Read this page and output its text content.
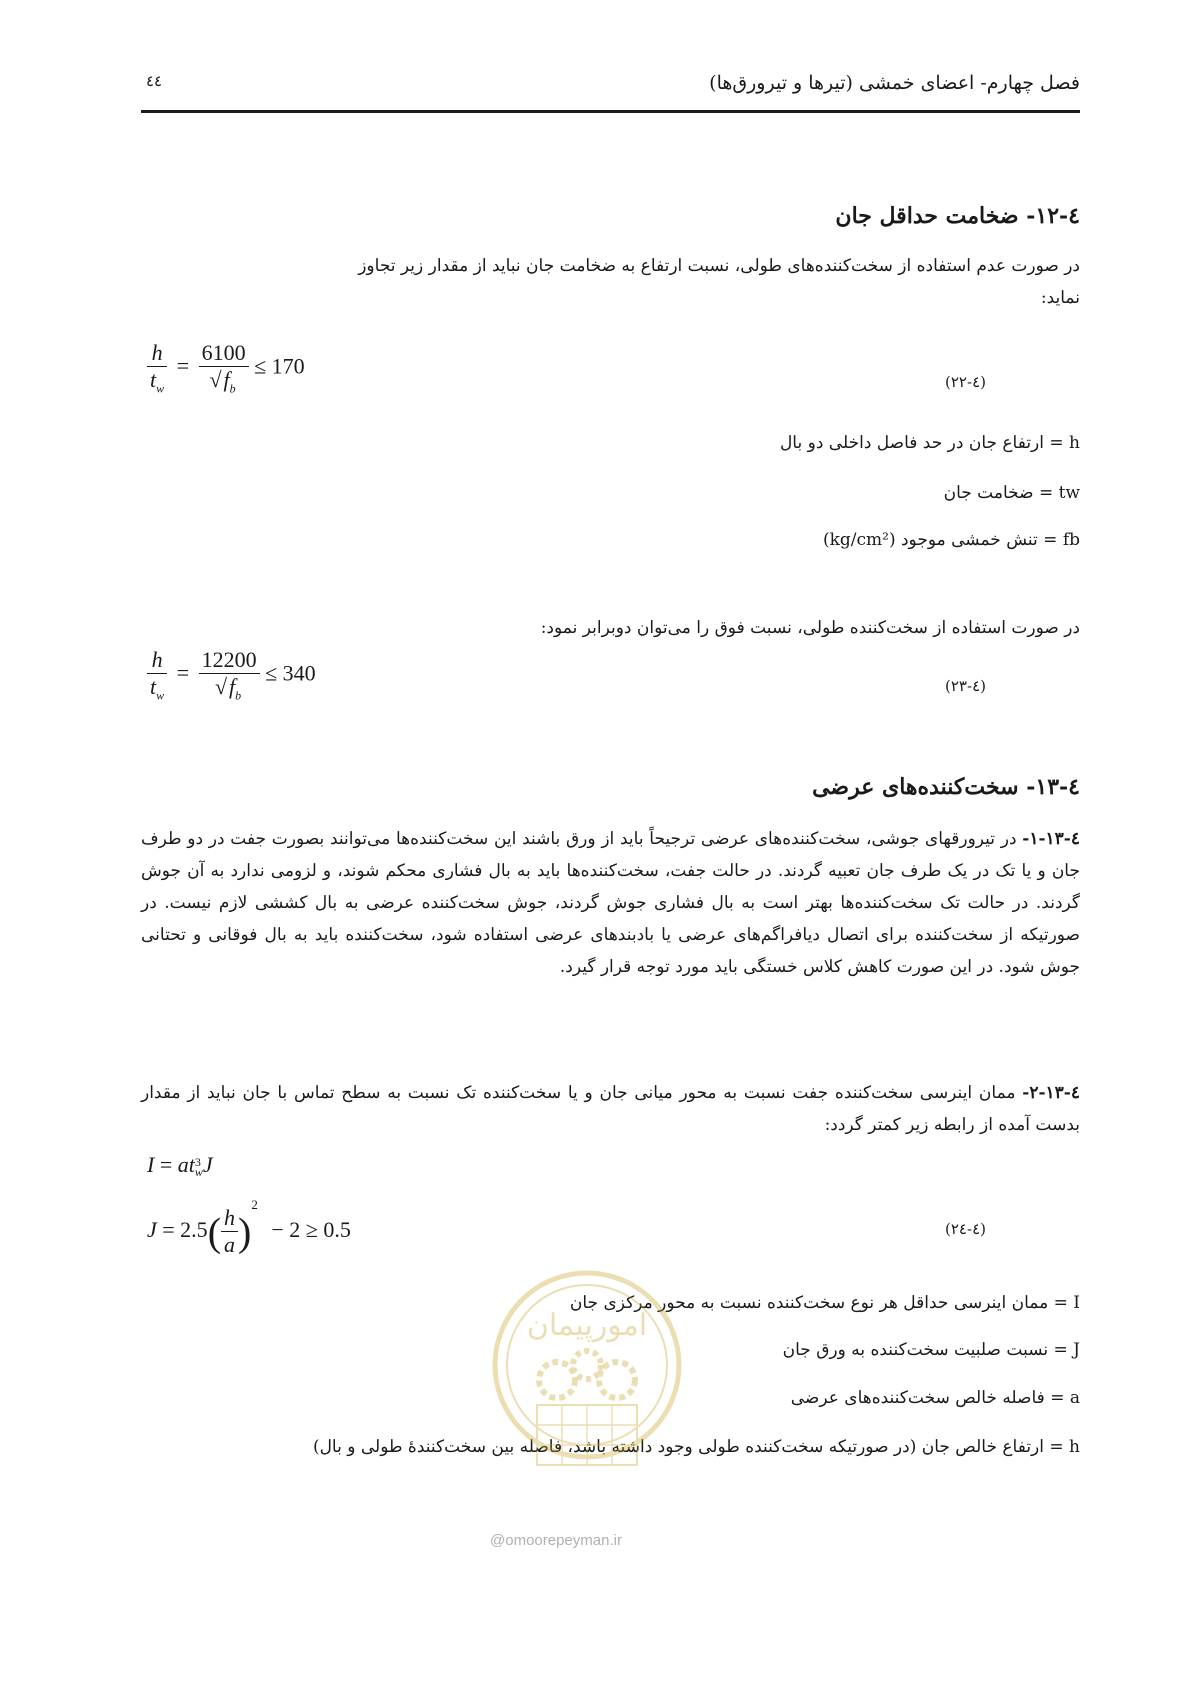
فصل چهارم- اعضای خمشی (تیرها و تیرورق‌ها)
٤٤
٤-١٢- ضخامت حداقل جان
در صورت عدم استفاده از سخت‌کننده‌های طولی، نسبت ارتفاع به ضخامت جان نباید از مقدار زیر تجاوز
نماید:
$\frac{h}{t_w} = \frac{6100}{√f_b} \le 170$
(٤-٢٢)
h = ارتفاع جان در حد فاصل داخلی دو بال
tw = ضخامت جان
fb = تنش خمشی موجود (kg/cm²)
در صورت استفاده از سخت‌کننده طولی، نسبت فوق را می‌توان دوبرابر نمود:
$\frac{h}{t_w} = \frac{12200}{√f_b} \le 340$
(٤-٢٣)
٤-١٣- سخت‌کننده‌های عرضی
٤-١٣-١- در تیرورقهای جوشی، سخت‌کننده‌های عرضی ترجیحاً باید از ورق باشند این سخت‌کننده‌ها می‌توانند بصورت جفت در دو طرف جان و یا تک در یک طرف جان تعبیه گردند. در حالت جفت، سخت‌کننده‌ها باید به بال فشاری محکم شوند، و لزومی ندارد به آن جوش گردند. در حالت تک سخت‌کننده‌ها بهتر است به بال فشاری جوش گردند، جوش سخت‌کننده عرضی به بال کششی لازم نیست. در صورتیکه از سخت‌کننده برای اتصال دیافراگم‌های عرضی یا بادبندهای عرضی استفاده شود، سخت‌کننده باید به بال فوقانی و تحتانی جوش شود. در این صورت کاهش کلاس خستگی باید مورد توجه قرار گیرد.
٤-١٣-٢- ممان اینرسی سخت‌کننده جفت نسبت به محور میانی جان و یا سخت‌کننده تک نسبت به سطح تماس با جان نباید از مقدار بدست آمده از رابطه زیر کمتر گردد:
I = at 3
w J
$J = 2.5( \frac{h}{a} )^2 - 2 \ge 0.5$	(٤-٢٤)
I = ممان اینرسی حداقل هر نوع سخت‌کننده نسبت به محور مرکزی جان
J = نسبت صلبیت سخت‌کننده به ورق جان
a = فاصله خالص سخت‌کننده‌های عرضی
h = ارتفاع خالص جان (در صورتیکه سخت‌کننده طولی وجود داشته باشد، فاصله بین سخت‌کنندهٔ طولی و بال)
امورپیمان
@omoorepeyman.ir
